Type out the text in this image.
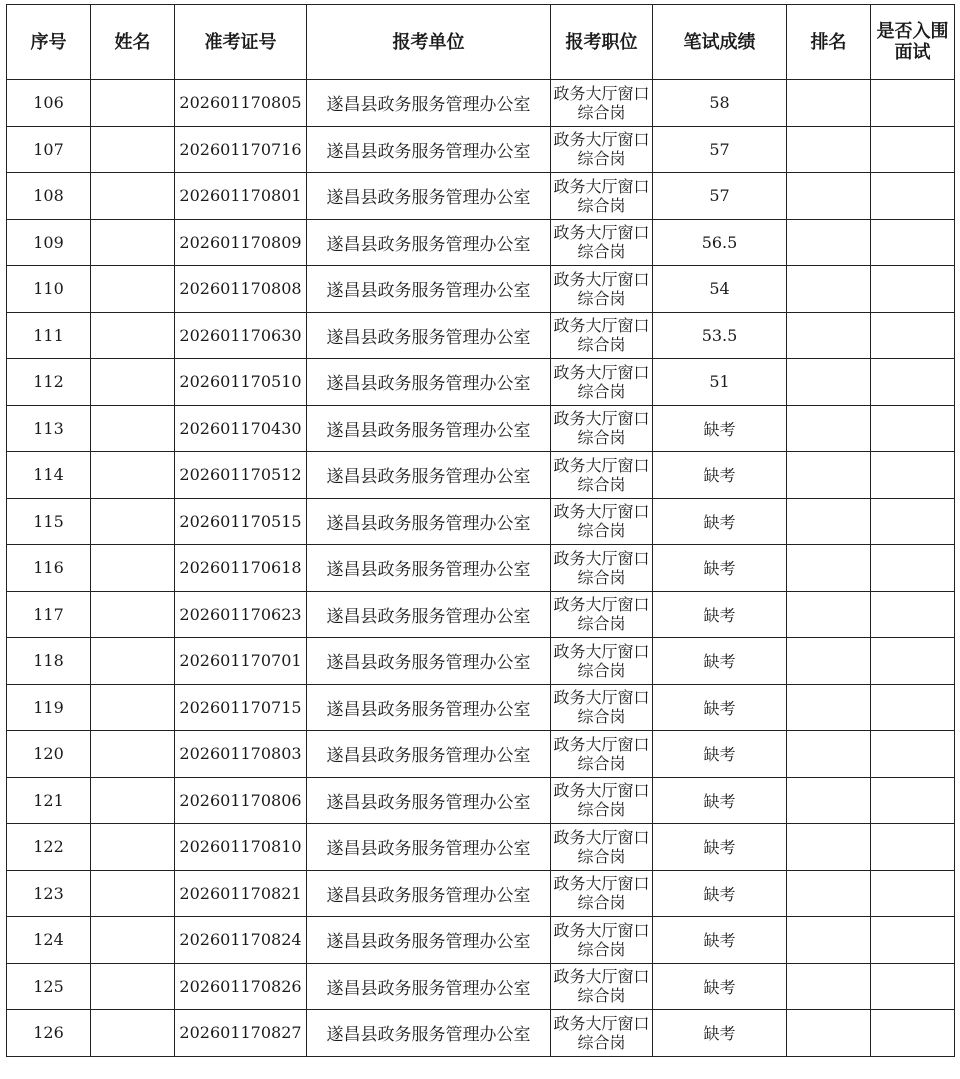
序号	姓名	准考证号	报考单位	报考职位	笔试成绩	排名	是否入围面试
106		202601170805	遂昌县政务服务管理办公室	政务大厅窗口综合岗	58		
107		202601170716	遂昌县政务服务管理办公室	政务大厅窗口综合岗	57		
108		202601170801	遂昌县政务服务管理办公室	政务大厅窗口综合岗	57		
109		202601170809	遂昌县政务服务管理办公室	政务大厅窗口综合岗	56.5		
110		202601170808	遂昌县政务服务管理办公室	政务大厅窗口综合岗	54		
111		202601170630	遂昌县政务服务管理办公室	政务大厅窗口综合岗	53.5		
112		202601170510	遂昌县政务服务管理办公室	政务大厅窗口综合岗	51		
113		202601170430	遂昌县政务服务管理办公室	政务大厅窗口综合岗	缺考		
114		202601170512	遂昌县政务服务管理办公室	政务大厅窗口综合岗	缺考		
115		202601170515	遂昌县政务服务管理办公室	政务大厅窗口综合岗	缺考		
116		202601170618	遂昌县政务服务管理办公室	政务大厅窗口综合岗	缺考		
117		202601170623	遂昌县政务服务管理办公室	政务大厅窗口综合岗	缺考		
118		202601170701	遂昌县政务服务管理办公室	政务大厅窗口综合岗	缺考		
119		202601170715	遂昌县政务服务管理办公室	政务大厅窗口综合岗	缺考		
120		202601170803	遂昌县政务服务管理办公室	政务大厅窗口综合岗	缺考		
121		202601170806	遂昌县政务服务管理办公室	政务大厅窗口综合岗	缺考		
122		202601170810	遂昌县政务服务管理办公室	政务大厅窗口综合岗	缺考		
123		202601170821	遂昌县政务服务管理办公室	政务大厅窗口综合岗	缺考		
124		202601170824	遂昌县政务服务管理办公室	政务大厅窗口综合岗	缺考		
125		202601170826	遂昌县政务服务管理办公室	政务大厅窗口综合岗	缺考		
126		202601170827	遂昌县政务服务管理办公室	政务大厅窗口综合岗	缺考		
